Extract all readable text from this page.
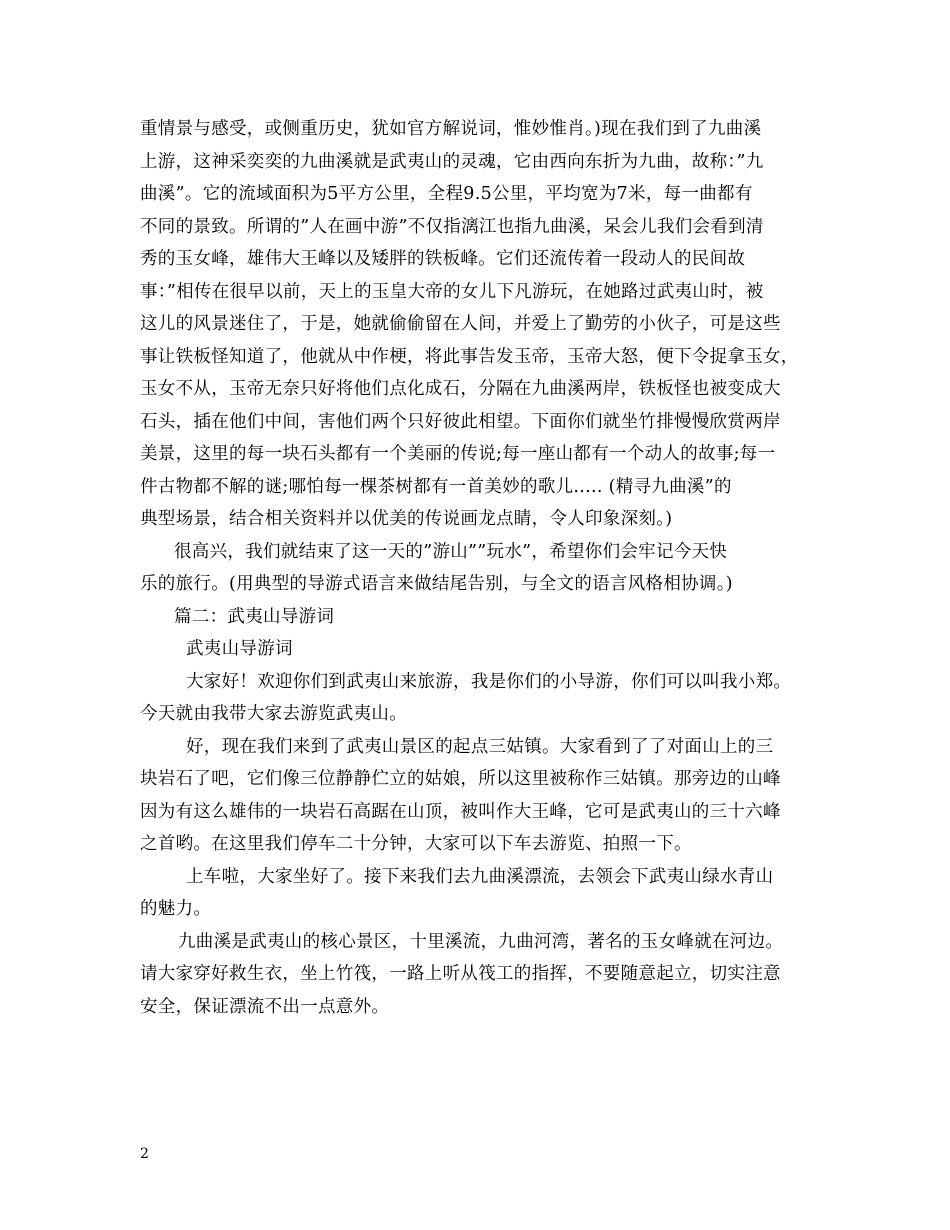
重情景与感受，或侧重历史，犹如官方解说词，惟妙惟肖。)现在我们到了九曲溪
上游，这神采奕奕的九曲溪就是武夷山的灵魂，它由西向东折为九曲，故称：”九
曲溪”。它的流域面积为5平方公里，全程9.5公里，平均宽为7米，每一曲都有
不同的景致。所谓的”人在画中游”不仅指漓江也指九曲溪，呆会儿我们会看到清
秀的玉女峰，雄伟大王峰以及矮胖的铁板峰。它们还流传着一段动人的民间故
事：”相传在很早以前，天上的玉皇大帝的女儿下凡游玩，在她路过武夷山时，被
这儿的风景迷住了，于是，她就偷偷留在人间，并爱上了勤劳的小伙子，可是这些
事让铁板怪知道了，他就从中作梗，将此事告发玉帝，玉帝大怒，便下令捉拿玉女，
玉女不从，玉帝无奈只好将他们点化成石，分隔在九曲溪两岸，铁板怪也被变成大
石头，插在他们中间，害他们两个只好彼此相望。下面你们就坐竹排慢慢欣赏两岸
美景，这里的每一块石头都有一个美丽的传说;每一座山都有一个动人的故事;每一
件古物都不解的谜;哪怕每一棵茶树都有一首美妙的歌儿..... (精寻九曲溪”的
典型场景，结合相关资料并以优美的传说画龙点睛，令人印象深刻。)
很高兴，我们就结束了这一天的”游山””玩水”，希望你们会牢记今天快
乐的旅行。(用典型的导游式语言来做结尾告别，与全文的语言风格相协调。)
篇二：武夷山导游词
武夷山导游词
大家好！欢迎你们到武夷山来旅游，我是你们的小导游，你们可以叫我小郑。
今天就由我带大家去游览武夷山。
好，现在我们来到了武夷山景区的起点三姑镇。大家看到了了对面山上的三
块岩石了吧，它们像三位静静伫立的姑娘，所以这里被称作三姑镇。那旁边的山峰
因为有这么雄伟的一块岩石高踞在山顶，被叫作大王峰，它可是武夷山的三十六峰
之首哟。在这里我们停车二十分钟，大家可以下车去游览、拍照一下。
上车啦，大家坐好了。接下来我们去九曲溪漂流，去领会下武夷山绿水青山
的魅力。
九曲溪是武夷山的核心景区，十里溪流，九曲河湾，著名的玉女峰就在河边。
请大家穿好救生衣，坐上竹筏，一路上听从筏工的指挥，不要随意起立，切实注意
安全，保证漂流不出一点意外。
2
